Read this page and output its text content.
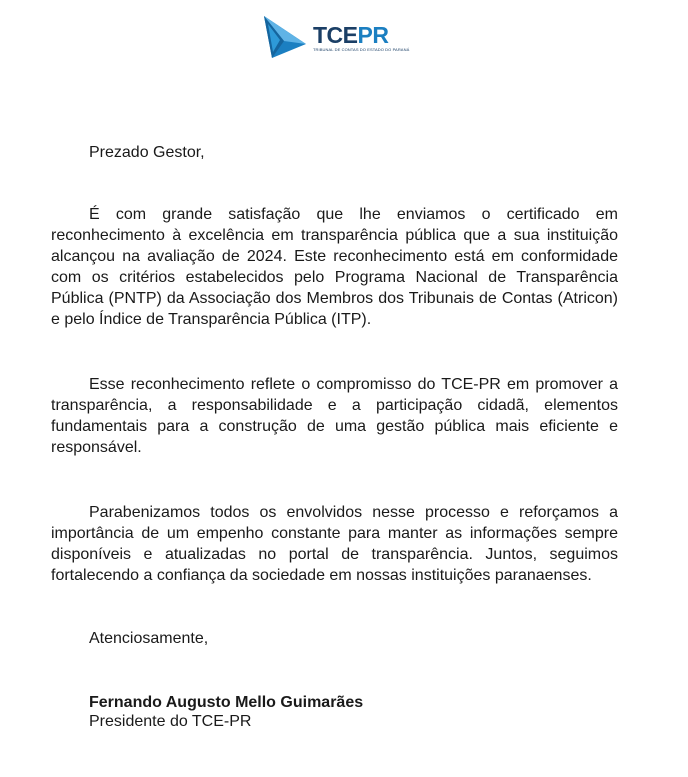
TCEPR
TRIBUNAL DE CONTAS DO ESTADO DO PARANÁ

Prezado Gestor,

É com grande satisfação que lhe enviamos o certificado em reconhecimento à excelência em transparência pública que a sua instituição alcançou na avaliação de 2024. Este reconhecimento está em conformidade com os critérios estabelecidos pelo Programa Nacional de Transparência Pública (PNTP) da Associação dos Membros dos Tribunais de Contas (Atricon) e pelo Índice de Transparência Pública (ITP).

Esse reconhecimento reflete o compromisso do TCE-PR em promover a transparência, a responsabilidade e a participação cidadã, elementos fundamentais para a construção de uma gestão pública mais eficiente e responsável.

Parabenizamos todos os envolvidos nesse processo e reforçamos a importância de um empenho constante para manter as informações sempre disponíveis e atualizadas no portal de transparência. Juntos, seguimos fortalecendo a confiança da sociedade em nossas instituições paranaenses.

Atenciosamente,

Fernando Augusto Mello Guimarães

Presidente do TCE-PR
